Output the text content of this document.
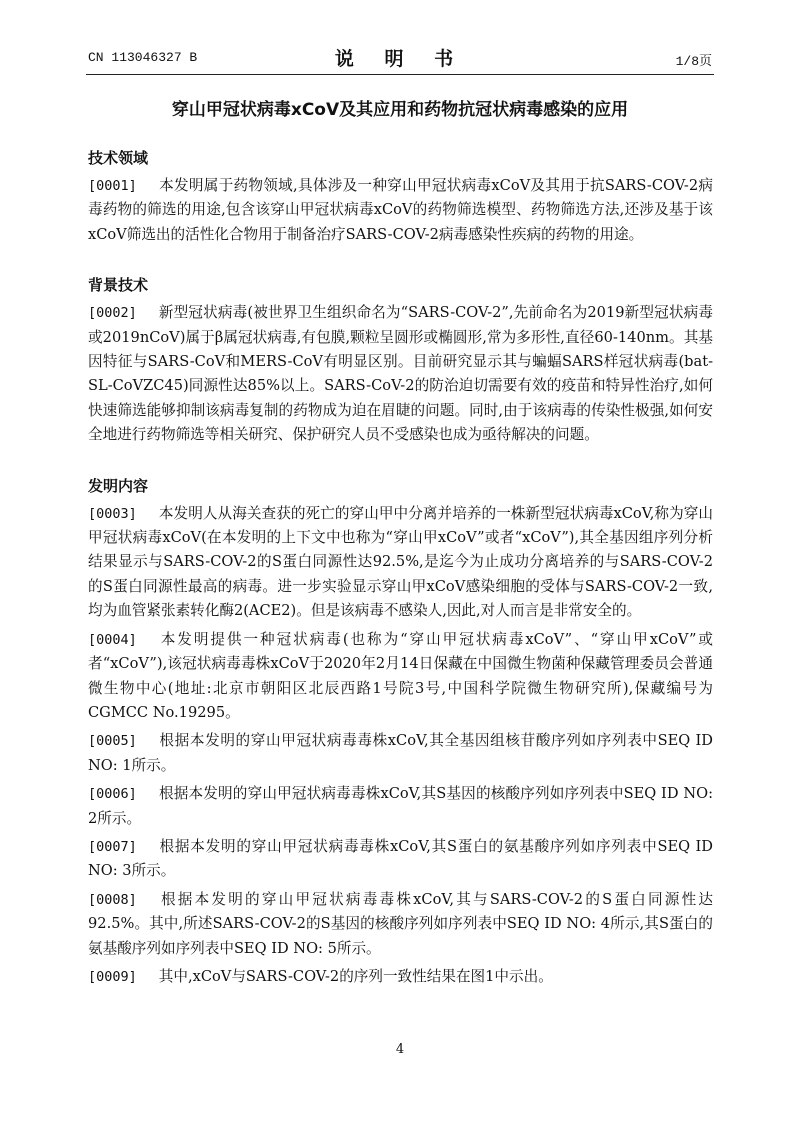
CN 113046327 B	说 明 书	1/8页
穿山甲冠状病毒xCoV及其应用和药物抗冠状病毒感染的应用
技术领域

[0001] 本发明属于药物领域,具体涉及一种穿山甲冠状病毒xCoV及其用于抗SARS-COV-2病毒药物的筛选的用途,包含该穿山甲冠状病毒xCoV的药物筛选模型、药物筛选方法,还涉及基于该xCoV筛选出的活性化合物用于制备治疗SARS-COV-2病毒感染性疾病的药物的用途。

背景技术

[0002] 新型冠状病毒(被世界卫生组织命名为“SARS-COV-2”,先前命名为2019新型冠状病毒或2019nCoV)属于β属冠状病毒,有包膜,颗粒呈圆形或椭圆形,常为多形性,直径60-140nm。其基因特征与SARS-CoV和MERS-CoV有明显区别。目前研究显示其与蝙蝠SARS样冠状病毒(bat-SL-CoVZC45)同源性达85%以上。SARS-CoV-2的防治迫切需要有效的疫苗和特异性治疗,如何快速筛选能够抑制该病毒复制的药物成为迫在眉睫的问题。同时,由于该病毒的传染性极强,如何安全地进行药物筛选等相关研究、保护研究人员不受感染也成为亟待解决的问题。

发明内容

[0003] 本发明人从海关查获的死亡的穿山甲中分离并培养的一株新型冠状病毒xCoV,称为穿山甲冠状病毒xCoV(在本发明的上下文中也称为“穿山甲xCoV”或者“xCoV”),其全基因组序列分析结果显示与SARS-COV-2的S蛋白同源性达92.5%,是迄今为止成功分离培养的与SARS-COV-2的S蛋白同源性最高的病毒。进一步实验显示穿山甲xCoV感染细胞的受体与SARS-COV-2一致,均为血管紧张素转化酶2(ACE2)。但是该病毒不感染人,因此,对人而言是非常安全的。

[0004] 本发明提供一种冠状病毒(也称为“穿山甲冠状病毒xCoV”、“穿山甲xCoV”或者“xCoV”),该冠状病毒毒株xCoV于2020年2月14日保藏在中国微生物菌种保藏管理委员会普通微生物中心(地址:北京市朝阳区北辰西路1号院3号,中国科学院微生物研究所),保藏编号为CGMCC No.19295。

[0005] 根据本发明的穿山甲冠状病毒毒株xCoV,其全基因组核苷酸序列如序列表中SEQ ID NO: 1所示。

[0006] 根据本发明的穿山甲冠状病毒毒株xCoV,其S基因的核酸序列如序列表中SEQ ID NO: 2所示。

[0007] 根据本发明的穿山甲冠状病毒毒株xCoV,其S蛋白的氨基酸序列如序列表中SEQ ID NO: 3所示。

[0008] 根据本发明的穿山甲冠状病毒毒株xCoV,其与SARS-COV-2的S蛋白同源性达92.5%。其中,所述SARS-COV-2的S基因的核酸序列如序列表中SEQ ID NO: 4所示,其S蛋白的氨基酸序列如序列表中SEQ ID NO: 5所示。

[0009] 其中,xCoV与SARS-COV-2的序列一致性结果在图1中示出。

4
